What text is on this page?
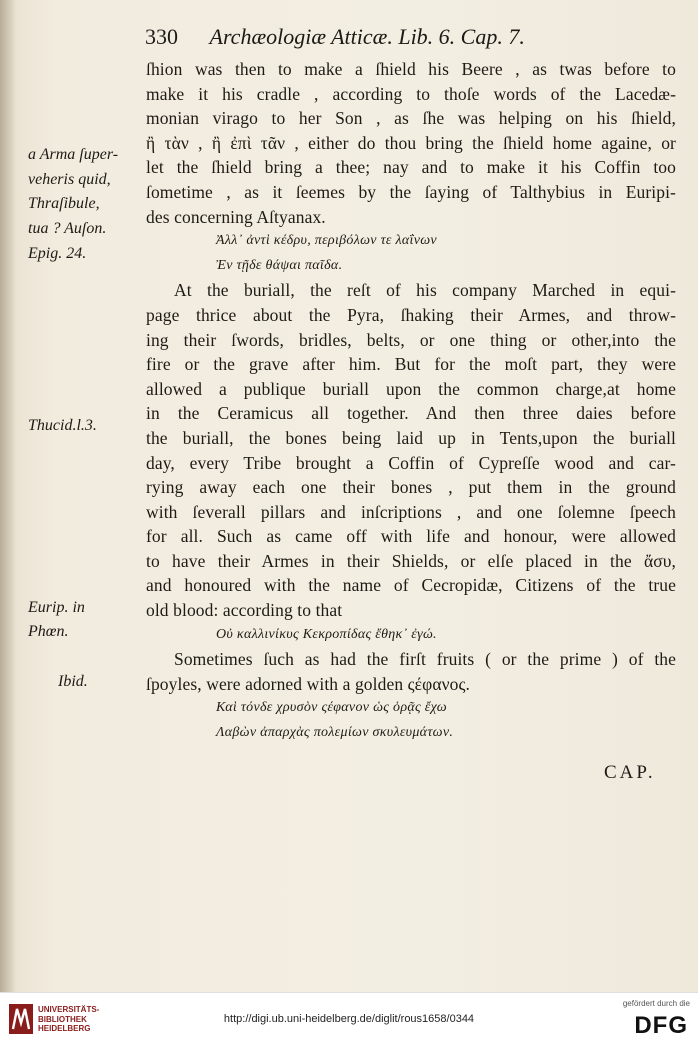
330 Archæologiæ Atticæ. Lib. 6. Cap. 7.
ſhion was then to make a ſhield his Beere , as twas before to
make it his cradle , according to thoſe words of the Lacedæ-
monian virago to her Son , as ſhe was helping on his ſhield,
ἢ τὰν , ἢ ἐπὶ τᾶν , either do thou bring the ſhield home againe, or
let the ſhield bring a thee; nay and to make it his Coffin too
ſometime , as it ſeemes by the ſaying of Talthybius in Euripi-
des concerning Aſtyanax.
Ἀλλ᾽ ἀντὶ κέδρυ, περιβόλων τε λαΐνων
Ἐν τῇδε θάψαι παῖδα.
At the buriall, the reſt of his company Marched in equi-
page thrice about the Pyra, ſhaking their Armes, and throw-
ing their ſwords, bridles, belts, or one thing or other,into the
fire or the grave after him. But for the moſt part, they were
allowed a publique buriall upon the common charge,at home
in the Ceramicus all together. And then three daies before
the buriall, the bones being laid up in Tents,upon the buriall
day, every Tribe brought a Coffin of Cypreſſe wood and car-
rying away each one their bones , put them in the ground
with ſeverall pillars and inſcriptions , and one ſolemne ſpeech
for all. Such as came off with life and honour, were allowed
to have their Armes in their Shields, or elſe placed in the ἄσυ,
and honoured with the name of Cecropidæ, Citizens of the true
old blood: according to that
Οὐ καλλινίκυς Κεκροπίδας ἔθηκ᾽ ἐγώ.
Sometimes ſuch as had the firſt fruits ( or the prime ) of the
ſpoyles, were adorned with a golden ςέφανος.
Καὶ τόνδε χρυσὸν ςέφανον ὡς ὁρᾷς ἔχω
Λαβὼν ἀπαρχὰς πολεμίων σκυλευμάτων.
a Arma ſuper-
veheris quid,
Thraſibule,
tua ? Auſon.
Epig. 24.
Thucid.l.3.
Eurip. in
Phœn.
Ibid.
CAP.
UNIVERSITÄTS-
BIBLIOTHEK
HEIDELBERG
http://digi.ub.uni-heidelberg.de/diglit/rous1658/0344
gefördert durch die
DFG
